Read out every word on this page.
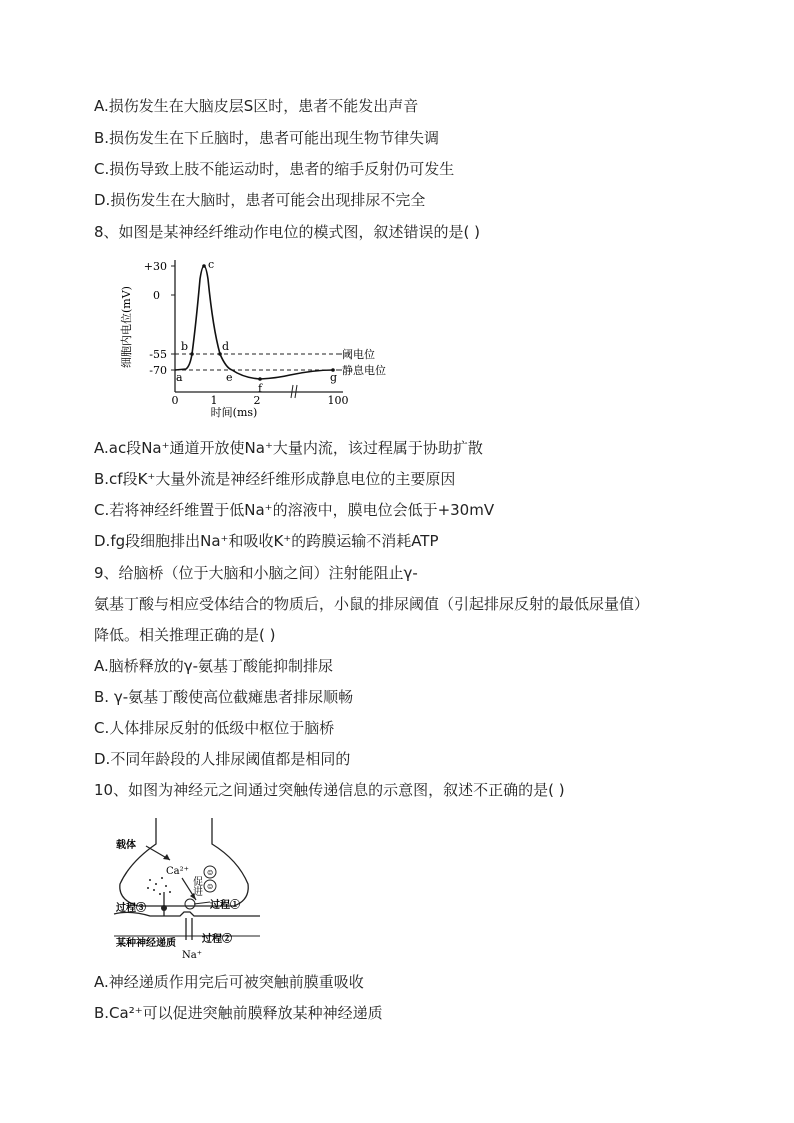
A.损伤发生在大脑皮层S区时，患者不能发出声音
B.损伤发生在下丘脑时，患者可能出现生物节律失调
C.损伤导致上肢不能运动时，患者的缩手反射仍可发生
D.损伤发生在大脑时，患者可能会出现排尿不完全
8、如图是某神经纤维动作电位的模式图，叙述错误的是( )
+30
0
-55
-70
细胞内电位(mV)
0	1	2	100
时间(ms)
阈电位
静息电位
a
b
c
d
e
f
g
A.ac段Na⁺通道开放使Na⁺大量内流，该过程属于协助扩散
B.cf段K⁺大量外流是神经纤维形成静息电位的主要原因
C.若将神经纤维置于低Na⁺的溶液中，膜电位会低于+30mV
D.fg段细胞排出Na⁺和吸收K⁺的跨膜运输不消耗ATP
9、给脑桥（位于大脑和小脑之间）注射能阻止γ-
氨基丁酸与相应受体结合的物质后，小鼠的排尿阈值（引起排尿反射的最低尿量值）
降低。相关推理正确的是( )
A.脑桥释放的γ-氨基丁酸能抑制排尿
B. γ-氨基丁酸使高位截瘫患者排尿顺畅
C.人体排尿反射的低级中枢位于脑桥
D.不同年龄段的人排尿阈值都是相同的
10、如图为神经元之间通过突触传递信息的示意图，叙述不正确的是( )
载体
Ca²⁺
促进
☺
☺
过程③	过程①
过程②
某种神经递质
Na⁺
A.神经递质作用完后可被突触前膜重吸收
B.Ca²⁺可以促进突触前膜释放某种神经递质
